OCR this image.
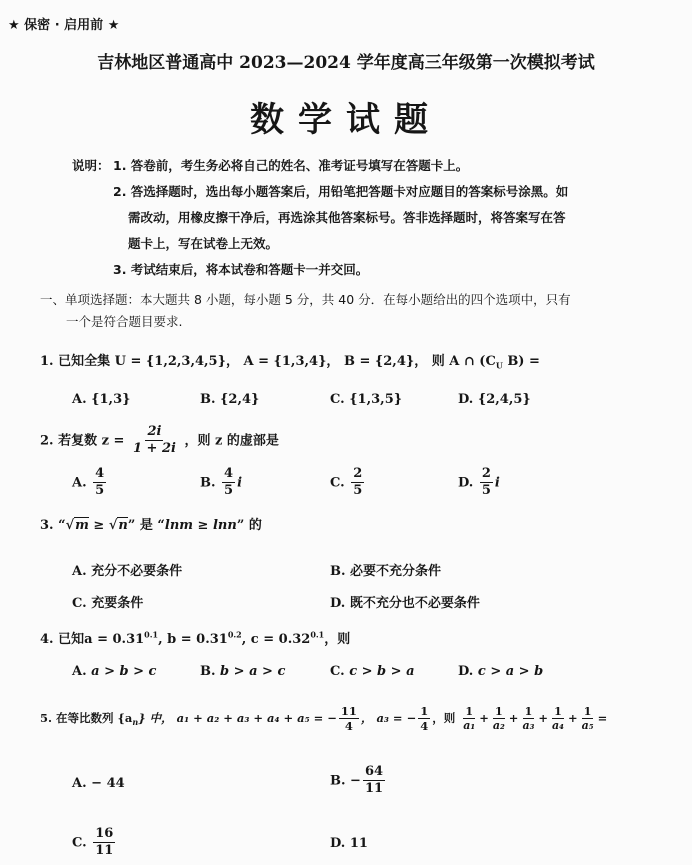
★ 保密 · 启用前 ★
吉林地区普通高中 2023—2024 学年度高三年级第一次模拟考试
数学试题
说明： 1. 答卷前，考生务必将自己的姓名、准考证号填写在答题卡上。
2. 答选择题时，选出每小题答案后，用铅笔把答题卡对应题目的答案标号涂黑。如
需改动，用橡皮擦干净后，再选涂其他答案标号。答非选择题时，将答案写在答
题卡上，写在试卷上无效。
3. 考试结束后，将本试卷和答题卡一并交回。
一、单项选择题：本大题共 8 小题，每小题 5 分，共 40 分．在每小题给出的四个选项中，只有
一个是符合题目要求.
1. 已知全集 U = {1,2,3,4,5}， A = {1,3,4}， B = {2,4}， 则 A ∩ ($C_U$ B) =
A. {1,3}	B. {2,4}	C. {1,3,5}	D. {2,4,5}
2. 若复数 $z = \frac{2i}{1 + 2i}$ ，则 z 的虚部是
A. $\frac{4}{5}$	B. $\frac{4}{5}$ i	C. $\frac{2}{5}$	D. $\frac{2}{5}$ i
3. “√m ≥ √n” 是 “lnm ≥ lnn” 的
A. 充分不必要条件	B. 必要不充分条件
C. 充要条件	D. 既不充分也不必要条件
4. 已知$a = 0.31^{0.1}$, $b = 0.31^{0.2}$, $c = 0.32^{0.1}$，则
A. a > b > c	B. b > a > c	C. c > b > a	D. c > a > b
5. 在等比数列 $\{a_n\}$ 中， a₁ + a₂ + a₃ + a₄ + a₅ = − $\frac{11}{4}$ ， a₃ = − $\frac{1}{4}$ ，则 $\frac{1}{\text{a₁}} + \frac{1}{\text{a₂}} + \frac{1}{\text{a₃}} + \frac{1}{\text{a₄}} + \frac{1}{\text{a₅}}$ =
A. − 44	B. − $\frac{64}{11}$
C. $\frac{16}{11}$	D. 11
